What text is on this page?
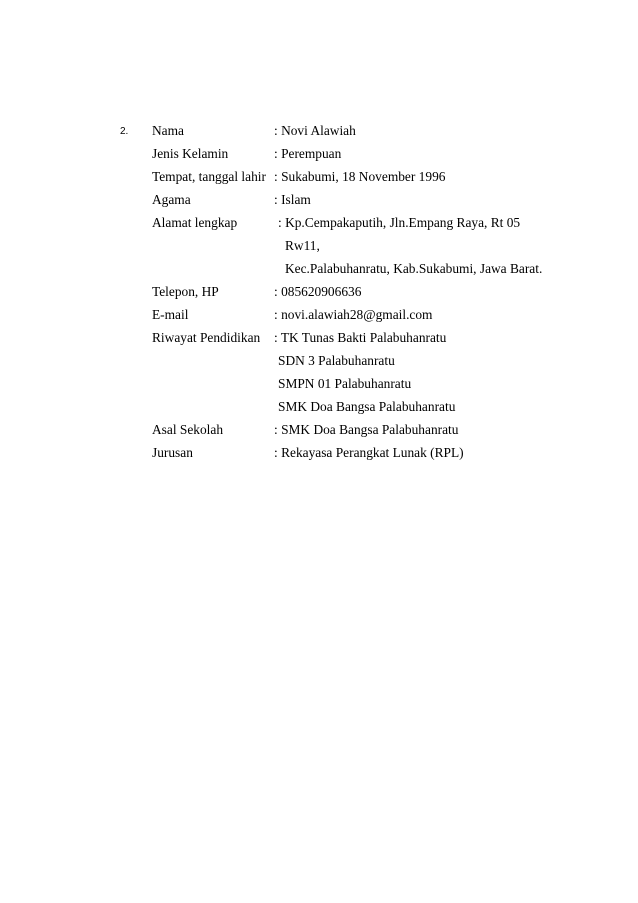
2. Nama	: Novi Alawiah
Jenis Kelamin	: Perempuan
Tempat, tanggal lahir : Sukabumi, 18 November 1996
Agama	: Islam
Alamat lengkap	: Kp.Cempakaputih, Jln.Empang Raya, Rt 05
Rw11,
Kec.Palabuhanratu, Kab.Sukabumi, Jawa Barat.
Telepon, HP	: 085620906636
E-mail	: novi.alawiah28@gmail.com
Riwayat Pendidikan : TK Tunas Bakti Palabuhanratu
SDN 3 Palabuhanratu
SMPN 01 Palabuhanratu
SMK Doa Bangsa Palabuhanratu
Asal Sekolah	: SMK Doa Bangsa Palabuhanratu
Jurusan	: Rekayasa Perangkat Lunak (RPL)
